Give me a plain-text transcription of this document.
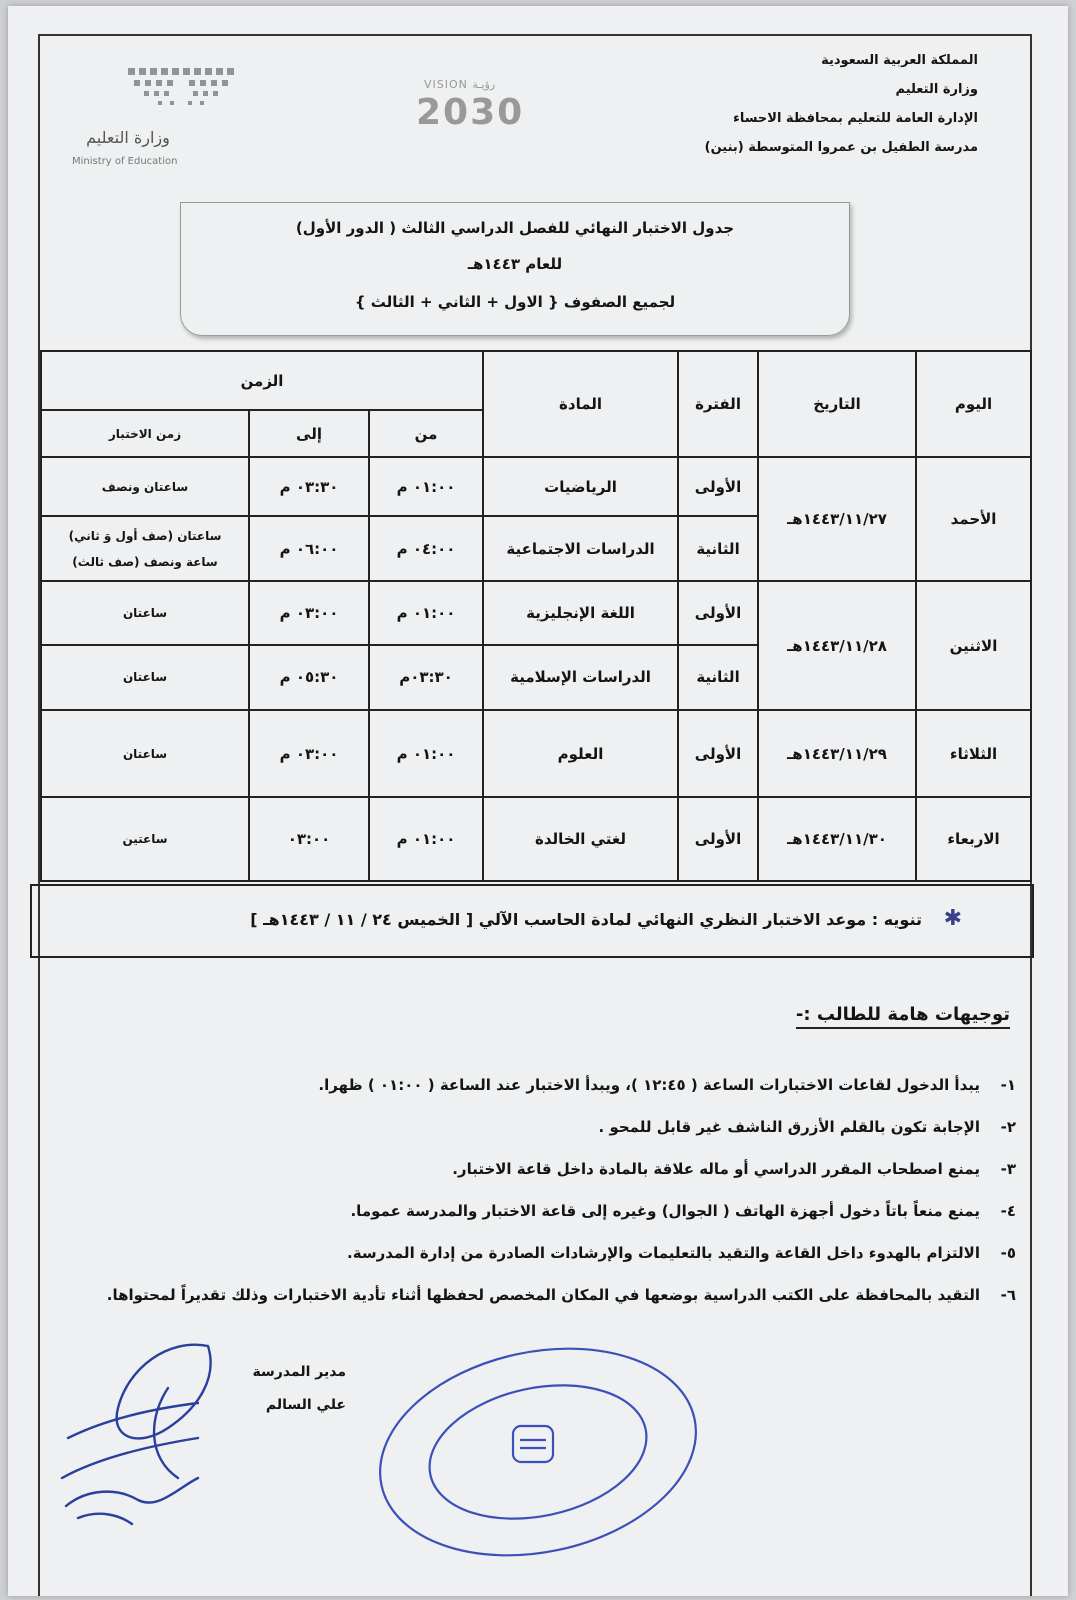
المملكة العربية السعودية
وزارة التعليم
الإدارة العامة للتعليم بمحافظة الاحساء
مدرسة الطفيل بن عمروا المتوسطة (بنين)
وزارة التعليم
Ministry of Education
VISION رؤيـة
2030
جدول الاختبار النهائي للفصل الدراسي الثالث ( الدور الأول)
للعام ١٤٤٣هـ
لجميع الصفوف { الاول + الثاني + الثالث }
اليوم	التاريخ	الفترة	المادة	الزمن		
				من	إلى	زمن الاختبار
الأحمد	١٤٤٣/١١/٢٧هـ	الأولى	الرياضيات	٠١:٠٠ م	٠٣:٣٠ م	ساعتان ونصف
		الثانية	الدراسات الاجتماعية	٠٤:٠٠ م	٠٦:٠٠ م	ساعتان (صف أول وَ ثاني)
ساعة ونصف (صف ثالث)

الاثنين	١٤٤٣/١١/٢٨هـ	الأولى	اللغة الإنجليزية	٠١:٠٠ م	٠٣:٠٠ م	ساعتان
		الثانية	الدراسات الإسلامية	٠٣:٣٠م	٠٥:٣٠ م	ساعتان
الثلاثاء	١٤٤٣/١١/٢٩هـ	الأولى	العلوم	٠١:٠٠ م	٠٣:٠٠ م	ساعتان
الاربعاء	١٤٤٣/١١/٣٠هـ	الأولى	لغتي الخالدة	٠١:٠٠ م	٠٣:٠٠	ساعتين
✱
تنويه : موعد الاختبار النظري النهائي لمادة الحاسب الآلي [ الخميس ٢٤ / ١١ / ١٤٤٣هـ ]
توجيهات هامة للطالب :-
١-يبدأ الدخول لقاعات الاختبارات الساعة ( ١٢:٤٥ )، ويبدأ الاختبار عند الساعة ( ٠١:٠٠ ) ظهرا.
٢-الإجابة تكون بالقلم الأزرق الناشف غير قابل للمحو .
٣-يمنع اصطحاب المقرر الدراسي أو ماله علاقة بالمادة داخل قاعة الاختبار.
٤-يمنع منعاً باتاً دخول أجهزة الهاتف ( الجوال) وغيره إلى قاعة الاختبار والمدرسة عموما.
٥-الالتزام بالهدوء داخل القاعة والتقيد بالتعليمات والإرشادات الصادرة من إدارة المدرسة.
٦-التقيد بالمحافظة على الكتب الدراسية بوضعها في المكان المخصص لحفظها أثناء تأدية الاختبارات وذلك تقديراً لمحتواها.
مدير المدرسة
علي السالم
